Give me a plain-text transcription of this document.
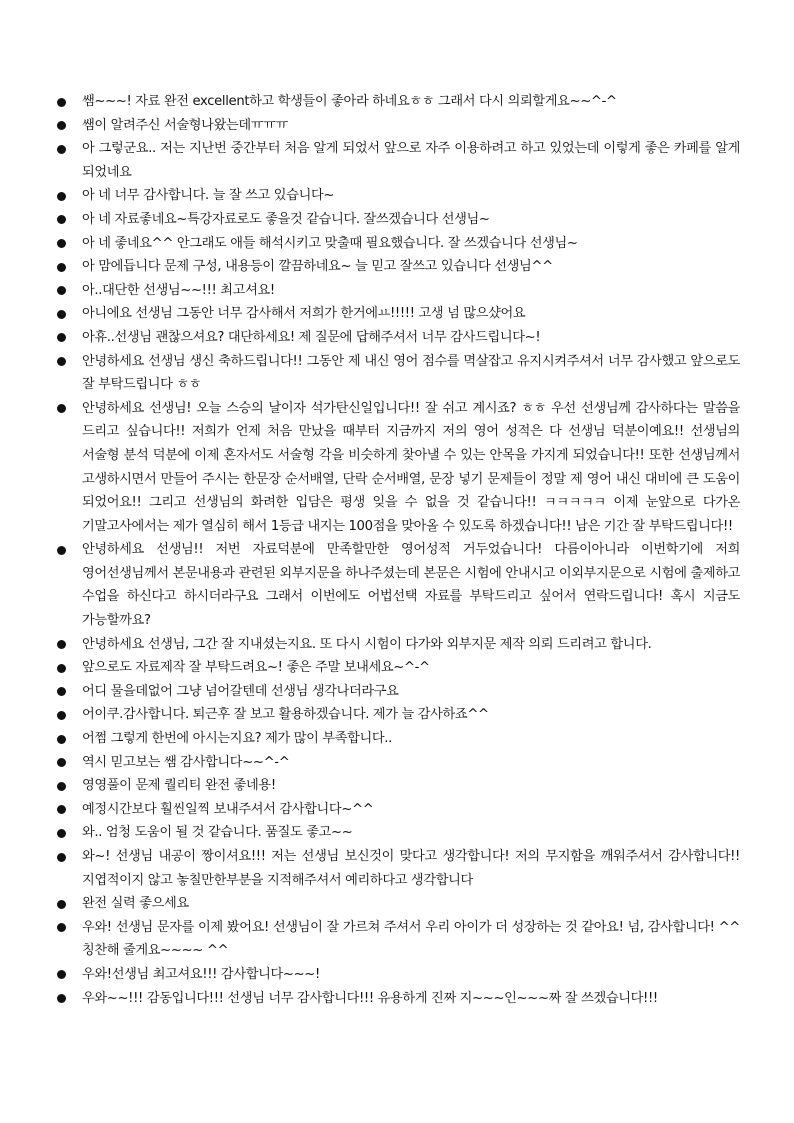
쌤~~~! 자료 완전 excellent하고 학생들이 좋아라 하네요ㅎㅎ 그래서 다시 의뢰할게요~~^-^
쌤이 알려주신 서술형나왔는데ㅠㅠㅠ
아 그렇군요.. 저는 지난번 중간부터 처음 알게 되었서 앞으로 자주 이용하려고 하고 있었는데 이렇게 좋은 카페를 알게 되었네요
아 네 너무 감사합니다. 늘 잘 쓰고 있습니다~
아 네 자료좋네요~특강자료로도 좋을것 같습니다. 잘쓰겠습니다 선생님~
아 네 좋네요^^ 안그래도 애들 해석시키고 맞출때 필요했습니다. 잘 쓰겠습니다 선생님~
아 맘에듭니다 문제 구성, 내용등이 깔끔하네요~ 늘 믿고 잘쓰고 있습니다 선생님^^
아..대단한 선생님~~!!! 최고셔요!
아니에요 선생님 그동안 너무 감사해서 저희가 한거에ㅛ!!!!! 고생 넘 많으샸어요
아휴..선생님 괜찮으셔요? 대단하세요! 제 질문에 답해주셔서 너무 감사드립니다~!
안녕하세요 선생님 생신 축하드립니다!! 그동안 제 내신 영어 점수를 멱살잡고 유지시켜주셔서 너무 감사했고 앞으로도 잘 부탁드립니다 ㅎㅎ
안녕하세요 선생님! 오늘 스승의 날이자 석가탄신일입니다!! 잘 쉬고 계시죠? ㅎㅎ 우선 선생님께 감사하다는 말씀을 드리고 싶습니다!! 저희가 언제 처음 만났을 때부터 지금까지 저의 영어 성적은 다 선생님 덕분이예요!! 선생님의 서술형 분석 덕분에 이제 혼자서도 서술형 각을 비슷하게 찾아낼 수 있는 안목을 가지게 되었습니다!! 또한 선생님께서 고생하시면서 만들어 주시는 한문장 순서배열, 단락 순서배열, 문장 넣기 문제들이 정말 제 영어 내신 대비에 큰 도움이 되었어요!! 그리고 선생님의 화려한 입담은 평생 잊을 수 없을 것 같습니다!! ㅋㅋㅋㅋㅋ 이제 눈앞으로 다가온 기말고사에서는 제가 열심히 해서 1등급 내지는 100점을 맞아올 수 있도록 하겠습니다!! 남은 기간 잘 부탁드립니다!!
안녕하세요 선생님!! 저번 자료덕분에 만족할만한 영어성적 거두었습니다! 다름이아니라 이번학기에 저희 영어선생님께서 본문내용과 관련된 외부지문을 하나주셨는데 본문은 시험에 안내시고 이외부지문으로 시험에 출제하고 수업을 하신다고 하시더라구요 그래서 이번에도 어법선택 자료를 부탁드리고 싶어서 연락드립니다! 혹시 지금도 가능할까요?
안녕하세요 선생님, 그간 잘 지내셨는지요. 또 다시 시험이 다가와 외부지문 제작 의뢰 드리려고 합니다.
앞으로도 자료제작 잘 부탁드려요~! 좋은 주말 보내세요~^-^
어디 물을데없어 그냥 넘어갈텐데 선생님 생각나더라구요
어이쿠.감사합니다. 퇴근후 잘 보고 활용하겠습니다. 제가 늘 감사하죠^^
어쩜 그렇게 한번에 아시는지요? 제가 많이 부족합니다..
역시 믿고보는 쌤 감사합니다~~^-^
영영풀이 문제 퀄리티 완전 좋네용!
예정시간보다 훨씬일찍 보내주셔서 감사합니다~^^
와.. 엄청 도움이 될 것 같습니다. 품질도 좋고~~
와~! 선생님 내공이 짱이셔요!!! 저는 선생님 보신것이 맞다고 생각합니다! 저의 무지함을 깨워주셔서 감사합니다!! 지엽적이지 않고 놓칠만한부분을 지적해주셔서 예리하다고 생각합니다
완전 실력 좋으세요
우와! 선생님 문자를 이제 봤어요! 선생님이 잘 가르쳐 주셔서 우리 아이가 더 성장하는 것 같아요! 넘, 감사합니다! ^^ 칭찬해 줄게요~~~~ ^^
우와!선생님 최고셔요!!! 감사합니다~~~!
우와~~!!! 감동입니다!!! 선생님 너무 감사합니다!!! 유용하게 진짜 지~~~인~~~짜 잘 쓰겠습니다!!!
